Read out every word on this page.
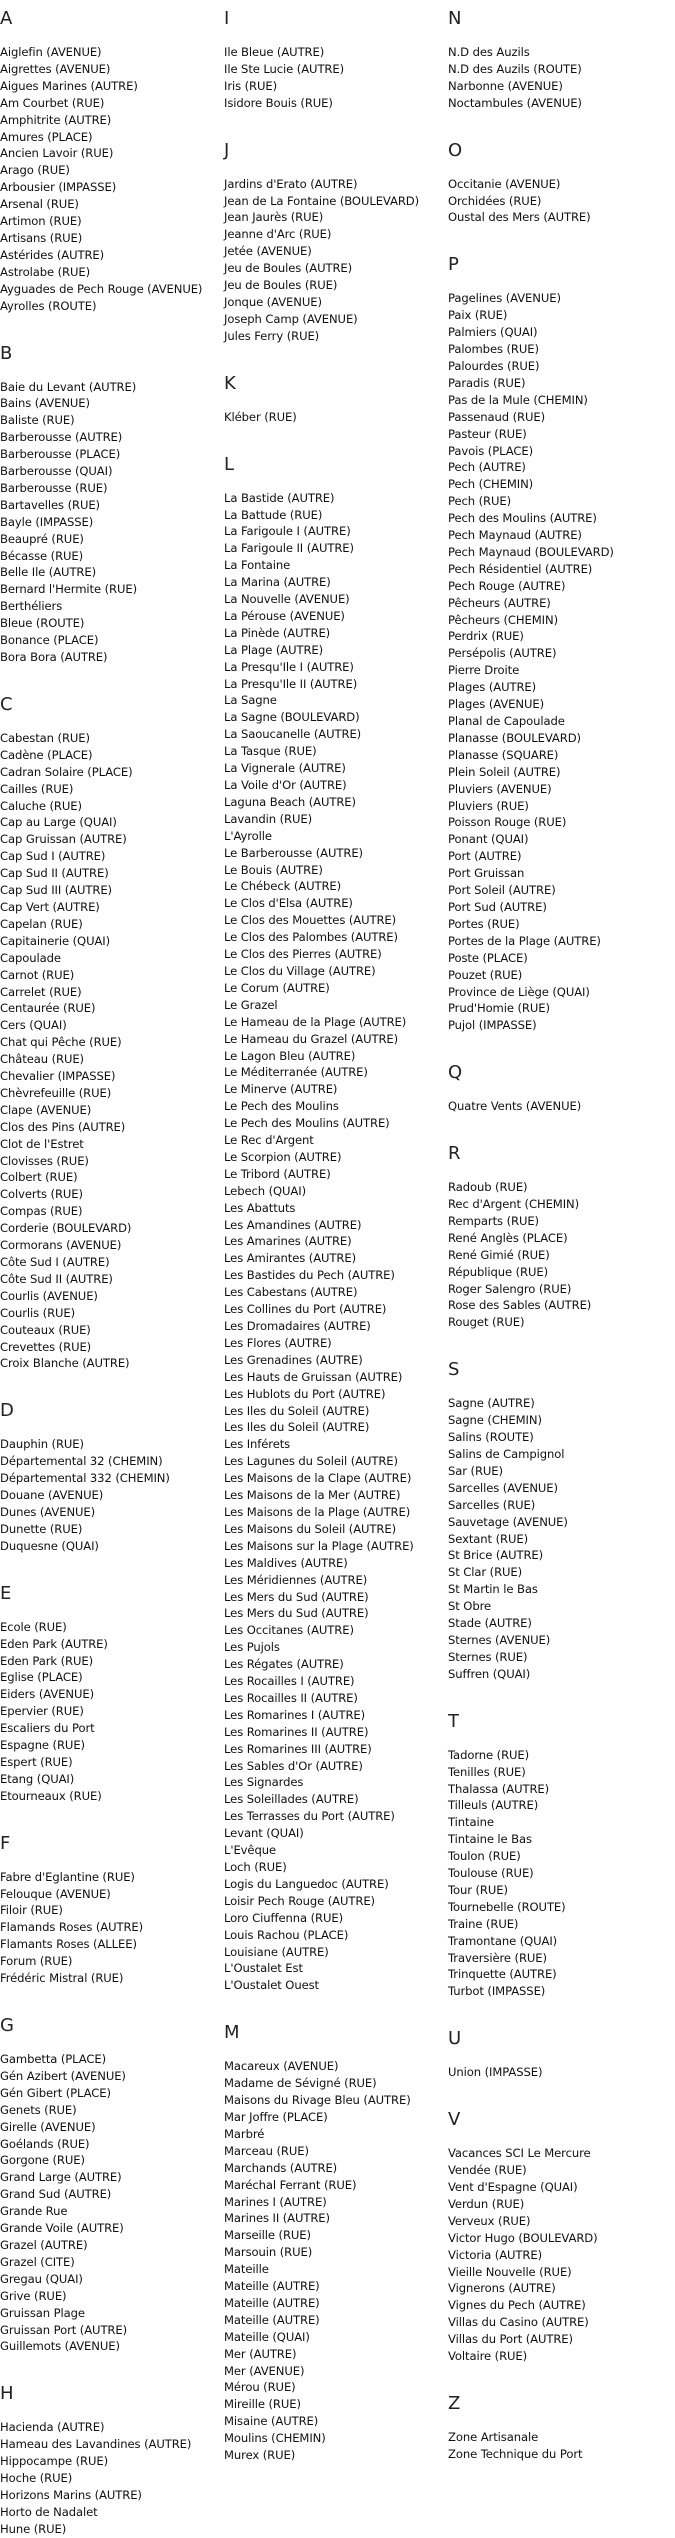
A
Aiglefin (AVENUE)
Aigrettes (AVENUE)
Aigues Marines (AUTRE)
Am Courbet (RUE)
Amphitrite (AUTRE)
Amures (PLACE)
Ancien Lavoir (RUE)
Arago (RUE)
Arbousier (IMPASSE)
Arsenal (RUE)
Artimon (RUE)
Artisans (RUE)
Astérides (AUTRE)
Astrolabe (RUE)
Ayguades de Pech Rouge (AVENUE)
Ayrolles (ROUTE)
B
Baie du Levant (AUTRE)
Bains (AVENUE)
Baliste (RUE)
Barberousse (AUTRE)
Barberousse (PLACE)
Barberousse (QUAI)
Barberousse (RUE)
Bartavelles (RUE)
Bayle (IMPASSE)
Beaupré (RUE)
Bécasse (RUE)
Belle Ile (AUTRE)
Bernard l'Hermite (RUE)
Berthéliers
Bleue (ROUTE)
Bonance (PLACE)
Bora Bora (AUTRE)
C
Cabestan (RUE)
Cadène (PLACE)
Cadran Solaire (PLACE)
Cailles (RUE)
Caluche (RUE)
Cap au Large (QUAI)
Cap Gruissan (AUTRE)
Cap Sud I (AUTRE)
Cap Sud II (AUTRE)
Cap Sud III (AUTRE)
Cap Vert (AUTRE)
Capelan (RUE)
Capitainerie (QUAI)
Capoulade
Carnot (RUE)
Carrelet (RUE)
Centaurée (RUE)
Cers (QUAI)
Chat qui Pêche (RUE)
Château (RUE)
Chevalier (IMPASSE)
Chèvrefeuille (RUE)
Clape (AVENUE)
Clos des Pins (AUTRE)
Clot de l'Estret
Clovisses (RUE)
Colbert (RUE)
Colverts (RUE)
Compas (RUE)
Corderie (BOULEVARD)
Cormorans (AVENUE)
Côte Sud I (AUTRE)
Côte Sud II (AUTRE)
Courlis (AVENUE)
Courlis (RUE)
Couteaux (RUE)
Crevettes (RUE)
Croix Blanche (AUTRE)
D
Dauphin (RUE)
Départemental 32 (CHEMIN)
Départemental 332 (CHEMIN)
Douane (AVENUE)
Dunes (AVENUE)
Dunette (RUE)
Duquesne (QUAI)
E
Ecole (RUE)
Eden Park (AUTRE)
Eden Park (RUE)
Eglise (PLACE)
Eiders (AVENUE)
Epervier (RUE)
Escaliers du Port
Espagne (RUE)
Espert (RUE)
Etang (QUAI)
Etourneaux (RUE)
F
Fabre d'Eglantine (RUE)
Felouque (AVENUE)
Filoir (RUE)
Flamands Roses (AUTRE)
Flamants Roses (ALLEE)
Forum (RUE)
Frédéric Mistral (RUE)
G
Gambetta (PLACE)
Gén Azibert (AVENUE)
Gén Gibert (PLACE)
Genets (RUE)
Girelle (AVENUE)
Goélands (RUE)
Gorgone (RUE)
Grand Large (AUTRE)
Grand Sud (AUTRE)
Grande Rue
Grande Voile (AUTRE)
Grazel (AUTRE)
Grazel (CITE)
Gregau (QUAI)
Grive (RUE)
Gruissan Plage
Gruissan Port (AUTRE)
Guillemots (AVENUE)
H
Hacienda (AUTRE)
Hameau des Lavandines (AUTRE)
Hippocampe (RUE)
Hoche (RUE)
Horizons Marins (AUTRE)
Horto de Nadalet
Hune (RUE)
I
Ile Bleue (AUTRE)
Ile Ste Lucie (AUTRE)
Iris (RUE)
Isidore Bouis (RUE)
J
Jardins d'Erato (AUTRE)
Jean de La Fontaine (BOULEVARD)
Jean Jaurès (RUE)
Jeanne d'Arc (RUE)
Jetée (AVENUE)
Jeu de Boules (AUTRE)
Jeu de Boules (RUE)
Jonque (AVENUE)
Joseph Camp (AVENUE)
Jules Ferry (RUE)
K
Kléber (RUE)
L
La Bastide (AUTRE)
La Battude (RUE)
La Farigoule I (AUTRE)
La Farigoule II (AUTRE)
La Fontaine
La Marina (AUTRE)
La Nouvelle (AVENUE)
La Pérouse (AVENUE)
La Pinède (AUTRE)
La Plage (AUTRE)
La Presqu'Ile I (AUTRE)
La Presqu'Ile II (AUTRE)
La Sagne
La Sagne (BOULEVARD)
La Saoucanelle (AUTRE)
La Tasque (RUE)
La Vignerale (AUTRE)
La Voile d'Or (AUTRE)
Laguna Beach (AUTRE)
Lavandin (RUE)
L'Ayrolle
Le Barberousse (AUTRE)
Le Bouis (AUTRE)
Le Chébeck (AUTRE)
Le Clos d'Elsa (AUTRE)
Le Clos des Mouettes (AUTRE)
Le Clos des Palombes (AUTRE)
Le Clos des Pierres (AUTRE)
Le Clos du Village (AUTRE)
Le Corum (AUTRE)
Le Grazel
Le Hameau de la Plage (AUTRE)
Le Hameau du Grazel (AUTRE)
Le Lagon Bleu (AUTRE)
Le Méditerranée (AUTRE)
Le Minerve (AUTRE)
Le Pech des Moulins
Le Pech des Moulins (AUTRE)
Le Rec d'Argent
Le Scorpion (AUTRE)
Le Tribord (AUTRE)
Lebech (QUAI)
Les Abattuts
Les Amandines (AUTRE)
Les Amarines (AUTRE)
Les Amirantes (AUTRE)
Les Bastides du Pech (AUTRE)
Les Cabestans (AUTRE)
Les Collines du Port (AUTRE)
Les Dromadaires (AUTRE)
Les Flores (AUTRE)
Les Grenadines (AUTRE)
Les Hauts de Gruissan (AUTRE)
Les Hublots du Port (AUTRE)
Les Iles du Soleil (AUTRE)
Les Iles du Soleil (AUTRE)
Les Inférets
Les Lagunes du Soleil (AUTRE)
Les Maisons de la Clape (AUTRE)
Les Maisons de la Mer (AUTRE)
Les Maisons de la Plage (AUTRE)
Les Maisons du Soleil (AUTRE)
Les Maisons sur la Plage (AUTRE)
Les Maldives (AUTRE)
Les Méridiennes (AUTRE)
Les Mers du Sud (AUTRE)
Les Mers du Sud (AUTRE)
Les Occitanes (AUTRE)
Les Pujols
Les Régates (AUTRE)
Les Rocailles I (AUTRE)
Les Rocailles II (AUTRE)
Les Romarines I (AUTRE)
Les Romarines II (AUTRE)
Les Romarines III (AUTRE)
Les Sables d'Or (AUTRE)
Les Signardes
Les Soleillades (AUTRE)
Les Terrasses du Port (AUTRE)
Levant (QUAI)
L'Evêque
Loch (RUE)
Logis du Languedoc (AUTRE)
Loisir Pech Rouge (AUTRE)
Loro Ciuffenna (RUE)
Louis Rachou (PLACE)
Louisiane (AUTRE)
L'Oustalet Est
L'Oustalet Ouest
M
Macareux (AVENUE)
Madame de Sévigné (RUE)
Maisons du Rivage Bleu (AUTRE)
Mar Joffre (PLACE)
Marbré
Marceau (RUE)
Marchands (AUTRE)
Maréchal Ferrant (RUE)
Marines I (AUTRE)
Marines II (AUTRE)
Marseille (RUE)
Marsouin (RUE)
Mateille
Mateille (AUTRE)
Mateille (AUTRE)
Mateille (AUTRE)
Mateille (QUAI)
Mer (AUTRE)
Mer (AVENUE)
Mérou (RUE)
Mireille (RUE)
Misaine (AUTRE)
Moulins (CHEMIN)
Murex (RUE)
N
N.D des Auzils
N.D des Auzils (ROUTE)
Narbonne (AVENUE)
Noctambules (AVENUE)
O
Occitanie (AVENUE)
Orchidées (RUE)
Oustal des Mers (AUTRE)
P
Pagelines (AVENUE)
Paix (RUE)
Palmiers (QUAI)
Palombes (RUE)
Palourdes (RUE)
Paradis (RUE)
Pas de la Mule (CHEMIN)
Passenaud (RUE)
Pasteur (RUE)
Pavois (PLACE)
Pech (AUTRE)
Pech (CHEMIN)
Pech (RUE)
Pech des Moulins (AUTRE)
Pech Maynaud (AUTRE)
Pech Maynaud (BOULEVARD)
Pech Résidentiel (AUTRE)
Pech Rouge (AUTRE)
Pêcheurs (AUTRE)
Pêcheurs (CHEMIN)
Perdrix (RUE)
Persépolis (AUTRE)
Pierre Droite
Plages (AUTRE)
Plages (AVENUE)
Planal de Capoulade
Planasse (BOULEVARD)
Planasse (SQUARE)
Plein Soleil (AUTRE)
Pluviers (AVENUE)
Pluviers (RUE)
Poisson Rouge (RUE)
Ponant (QUAI)
Port (AUTRE)
Port Gruissan
Port Soleil (AUTRE)
Port Sud (AUTRE)
Portes (RUE)
Portes de la Plage (AUTRE)
Poste (PLACE)
Pouzet (RUE)
Province de Liège (QUAI)
Prud'Homie (RUE)
Pujol (IMPASSE)
Q
Quatre Vents (AVENUE)
R
Radoub (RUE)
Rec d'Argent (CHEMIN)
Remparts (RUE)
René Anglès (PLACE)
René Gimié (RUE)
République (RUE)
Roger Salengro (RUE)
Rose des Sables (AUTRE)
Rouget (RUE)
S
Sagne (AUTRE)
Sagne (CHEMIN)
Salins (ROUTE)
Salins de Campignol
Sar (RUE)
Sarcelles (AVENUE)
Sarcelles (RUE)
Sauvetage (AVENUE)
Sextant (RUE)
St Brice (AUTRE)
St Clar (RUE)
St Martin le Bas
St Obre
Stade (AUTRE)
Sternes (AVENUE)
Sternes (RUE)
Suffren (QUAI)
T
Tadorne (RUE)
Tenilles (RUE)
Thalassa (AUTRE)
Tilleuls (AUTRE)
Tintaine
Tintaine le Bas
Toulon (RUE)
Toulouse (RUE)
Tour (RUE)
Tournebelle (ROUTE)
Traine (RUE)
Tramontane (QUAI)
Traversière (RUE)
Trinquette (AUTRE)
Turbot (IMPASSE)
U
Union (IMPASSE)
V
Vacances SCI Le Mercure
Vendée (RUE)
Vent d'Espagne (QUAI)
Verdun (RUE)
Verveux (RUE)
Victor Hugo (BOULEVARD)
Victoria (AUTRE)
Vieille Nouvelle (RUE)
Vignerons (AUTRE)
Vignes du Pech (AUTRE)
Villas du Casino (AUTRE)
Villas du Port (AUTRE)
Voltaire (RUE)
Z
Zone Artisanale
Zone Technique du Port
